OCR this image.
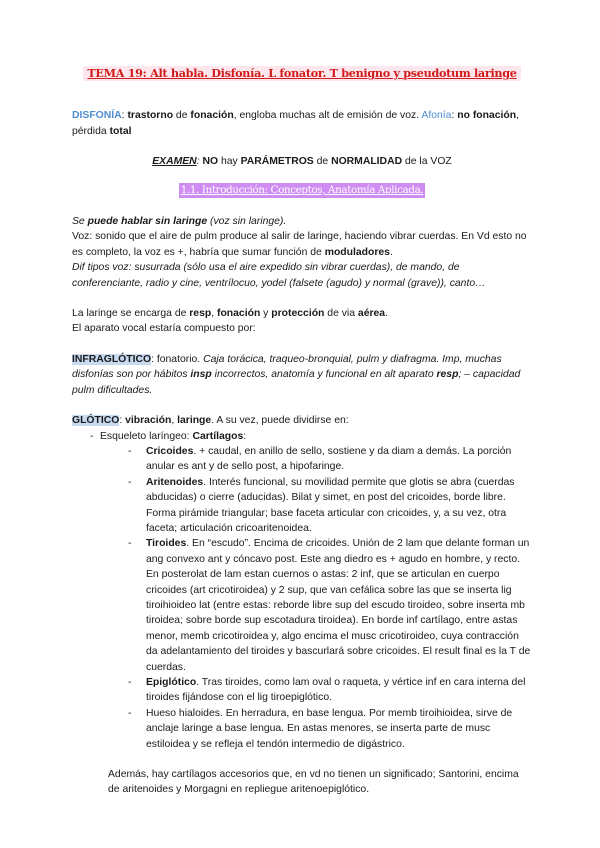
TEMA 19: Alt habla. Disfonía. L fonator. T benigno y pseudotum laringe

DISFONÍA: trastorno de fonación, engloba muchas alt de emisión de voz. Afonía: no fonación, pérdida total

EXAMEN: NO hay PARÁMETROS de NORMALIDAD de la VOZ

1.1. Introducción: Conceptos, Anatomía Aplicada.

Se puede hablar sin laringe (voz sin laringe).

Voz: sonido que el aire de pulm produce al salir de laringe, haciendo vibrar cuerdas. En Vd esto no es completo, la voz es +, habría que sumar función de moduladores.

Dif tipos voz: susurrada (sólo usa el aire expedido sin vibrar cuerdas), de mando, de conferenciante, radio y cine, ventrílocuo, yodel (falsete (agudo) y normal (grave)), canto…

La laringe se encarga de resp, fonación y protección de via aérea.

El aparato vocal estaría compuesto por:

INFRAGLÓTICO: fonatorio. Caja torácica, traqueo-bronquial, pulm y diafragma. Imp, muchas disfonías son por hábitos insp incorrectos, anatomía y funcional en alt aparato resp; – capacidad pulm dificultades.

GLÓTICO: vibración, laringe. A su vez, puede dividirse en:

- Esqueleto laríngeo: Cartílagos:
- Cricoides. + caudal, en anillo de sello, sostiene y da diam a demás. La porción anular es ant y de sello post, a hipofaringe.
- Aritenoides. Interés funcional, su movilidad permite que glotis se abra (cuerdas abducidas) o cierre (aducidas). Bilat y simet, en post del cricoides, borde libre. Forma pirámide triangular; base faceta articular con cricoides, y, a su vez, otra faceta; articulación cricoaritenoidea.
- Tiroides. En “escudo”. Encima de cricoides. Unión de 2 lam que delante forman un ang convexo ant y cóncavo post. Este ang diedro es + agudo en hombre, y recto. En posterolat de lam estan cuernos o astas: 2 inf, que se articulan en cuerpo cricoides (art cricotiroidea) y 2 sup, que van cefálica sobre las que se inserta lig tiroihioideo lat (entre estas: reborde libre sup del escudo tiroideo, sobre inserta mb tiroidea; sobre borde sup escotadura tiroidea). En borde inf cartílago, entre astas menor, memb cricotiroidea y, algo encima el musc cricotiroideo, cuya contracción da adelantamiento del tiroides y bascurlará sobre cricoides. El result final es la T de cuerdas.
- Epiglótico. Tras tiroides, como lam oval o raqueta, y vértice inf en cara interna del tiroides fijándose con el lig tiroepiglótico.
- Hueso hialoides. En herradura, en base lengua. Por memb tiroihioidea, sirve de anclaje laringe a base lengua. En astas menores, se inserta parte de musc estiloidea y se refleja el tendón intermedio de digástrico.

Además, hay cartílagos accesorios que, en vd no tienen un significado; Santorini, encima de aritenoides y Morgagni en repliegue aritenoepiglótico.
